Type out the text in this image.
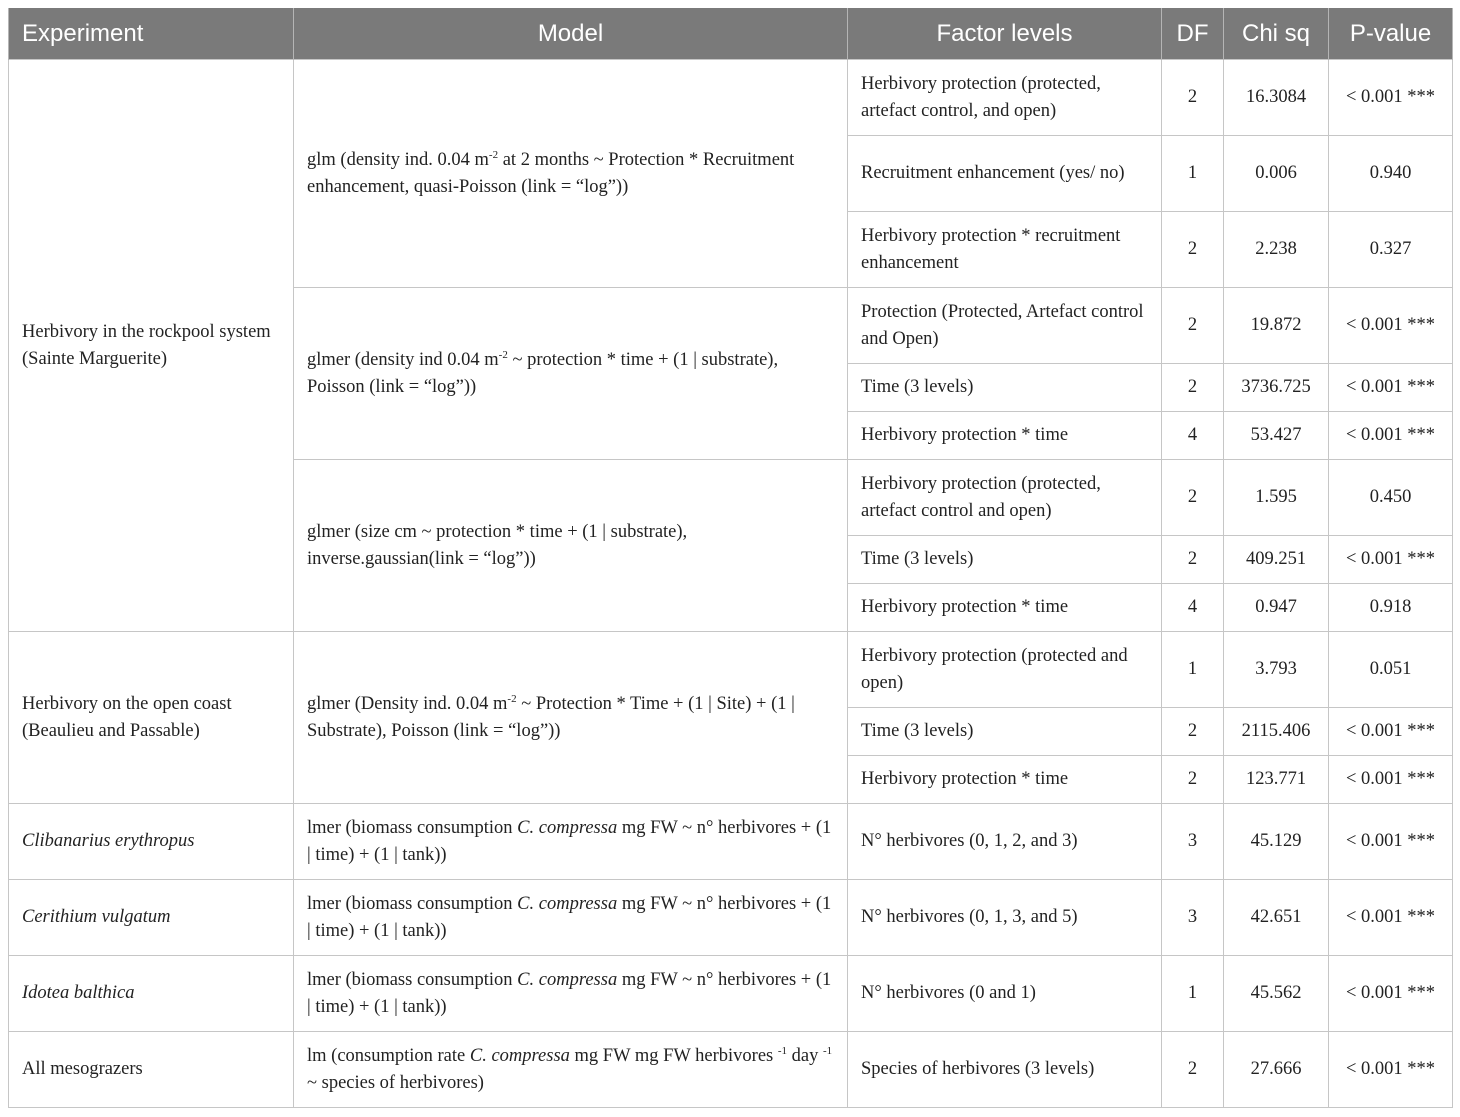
Experiment	Model	Factor levels	DF	Chi sq	P-value
Herbivory in the rockpool system (Sainte Marguerite)	glm (density ind. 0.04 $m^{-2}$ at 2 months ~ Protection * Recruitment enhancement, quasi-Poisson (link = “log”))	Herbivory protection (protected, artefact control, and open)	2	16.3084	< 0.001 ***
		Recruitment enhancement (yes/ no)	1	0.006	0.940
		Herbivory protection * recruitment enhancement	2	2.238	0.327
	glmer (density ind 0.04 $m^{-2}$ ~ protection * time + (1 | substrate), Poisson (link = “log”))	Protection (Protected, Artefact control and Open)	2	19.872	< 0.001 ***
		Time (3 levels)	2	3736.725	< 0.001 ***
		Herbivory protection * time	4	53.427	< 0.001 ***
	glmer (size cm ~ protection * time + (1 | substrate), inverse.gaussian(link = “log”))	Herbivory protection (protected, artefact control and open)	2	1.595	0.450
		Time (3 levels)	2	409.251	< 0.001 ***
		Herbivory protection * time	4	0.947	0.918
Herbivory on the open coast (Beaulieu and Passable)	glmer (Density ind. 0.04 $m^{-2}$ ~ Protection * Time + (1 | Site) + (1 | Substrate), Poisson (link = “log”))	Herbivory protection (protected and open)	1	3.793	0.051
		Time (3 levels)	2	2115.406	< 0.001 ***
		Herbivory protection * time	2	123.771	< 0.001 ***
Clibanarius erythropus	lmer (biomass consumption C. compressa mg FW ~ n° herbivores + (1 | time) + (1 | tank))	N° herbivores (0, 1, 2, and 3)	3	45.129	< 0.001 ***
Cerithium vulgatum	lmer (biomass consumption C. compressa mg FW ~ n° herbivores + (1 | time) + (1 | tank))	N° herbivores (0, 1, 3, and 5)	3	42.651	< 0.001 ***
Idotea balthica	lmer (biomass consumption C. compressa mg FW ~ n° herbivores + (1 | time) + (1 | tank))	N° herbivores (0 and 1)	1	45.562	< 0.001 ***
All mesograzers	lm (consumption rate C. compressa mg FW mg FW herbivores $^{-1}$ day $^{-1}$ ~ species of herbivores)	Species of herbivores (3 levels)	2	27.666	< 0.001 ***
